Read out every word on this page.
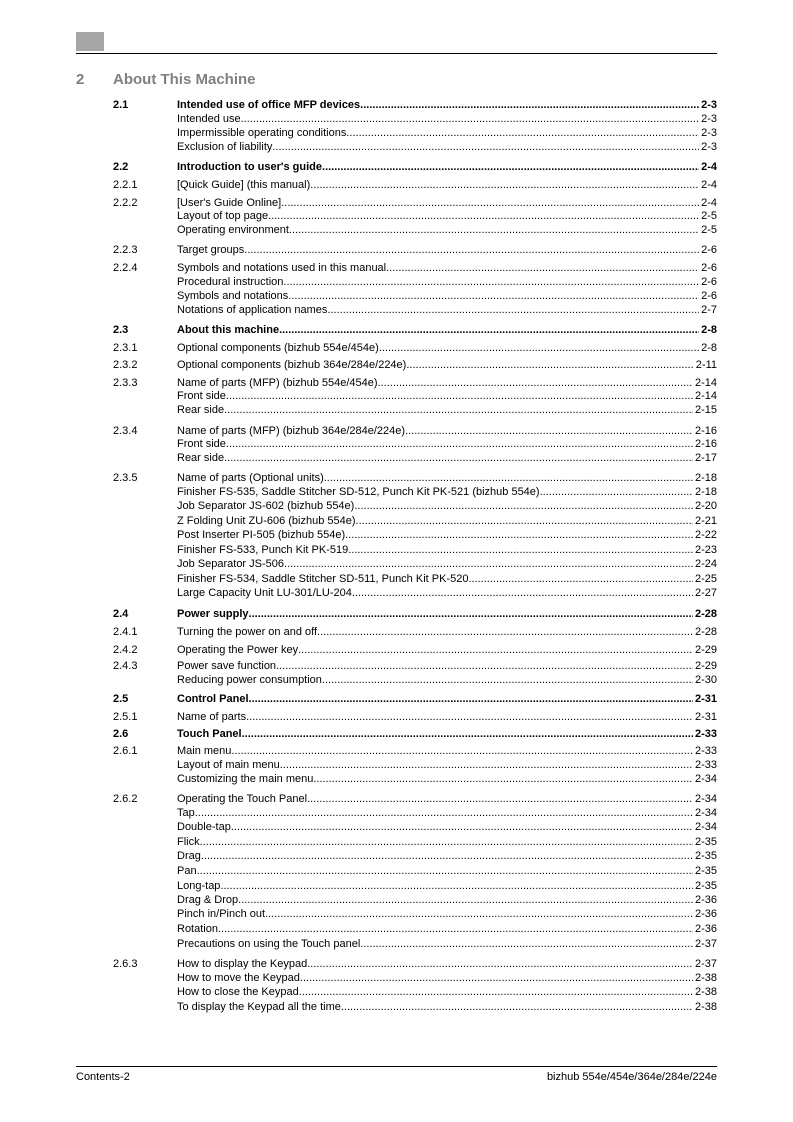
2 About This Machine
2.1	Intended use of office MFP devices .....	2-3
Intended use .....	2-3
Impermissible operating conditions .....	2-3
Exclusion of liability .....	2-3
2.2	Introduction to user's guide .....	2-4
2.2.1	[Quick Guide] (this manual) .....	2-4
2.2.2	[User's Guide Online] .....	2-4
Layout of top page .....	2-5
Operating environment .....	2-5
2.2.3	Target groups .....	2-6
2.2.4	Symbols and notations used in this manual .....	2-6
Procedural instruction .....	2-6
Symbols and notations .....	2-6
Notations of application names .....	2-7
2.3	About this machine .....	2-8
2.3.1	Optional components (bizhub 554e/454e) .....	2-8
2.3.2	Optional components (bizhub 364e/284e/224e) .....	2-11
2.3.3	Name of parts (MFP) (bizhub 554e/454e) .....	2-14
Front side .....	2-14
Rear side .....	2-15
2.3.4	Name of parts (MFP) (bizhub 364e/284e/224e) .....	2-16
Front side .....	2-16
Rear side .....	2-17
2.3.5	Name of parts (Optional units) .....	2-18
Finisher FS-535, Saddle Stitcher SD-512, Punch Kit PK-521 (bizhub 554e) .....	2-18
Job Separator JS-602 (bizhub 554e) .....	2-20
Z Folding Unit ZU-606 (bizhub 554e) .....	2-21
Post Inserter PI-505 (bizhub 554e) .....	2-22
Finisher FS-533, Punch Kit PK-519 .....	2-23
Job Separator JS-506 .....	2-24
Finisher FS-534, Saddle Stitcher SD-511, Punch Kit PK-520 .....	2-25
Large Capacity Unit LU-301/LU-204 .....	2-27
2.4	Power supply .....	2-28
2.4.1	Turning the power on and off .....	2-28
2.4.2	Operating the Power key .....	2-29
2.4.3	Power save function .....	2-29
Reducing power consumption .....	2-30
2.5	Control Panel .....	2-31
2.5.1	Name of parts .....	2-31
2.6	Touch Panel .....	2-33
2.6.1	Main menu .....	2-33
Layout of main menu .....	2-33
Customizing the main menu .....	2-34
2.6.2	Operating the Touch Panel .....	2-34
Tap .....	2-34
Double-tap .....	2-34
Flick .....	2-35
Drag .....	2-35
Pan .....	2-35
Long-tap .....	2-35
Drag & Drop .....	2-36
Pinch in/Pinch out .....	2-36
Rotation .....	2-36
Precautions on using the Touch panel .....	2-37
2.6.3	How to display the Keypad .....	2-37
How to move the Keypad .....	2-38
How to close the Keypad .....	2-38
To display the Keypad all the time .....	2-38
Contents-2	bizhub 554e/454e/364e/284e/224e
